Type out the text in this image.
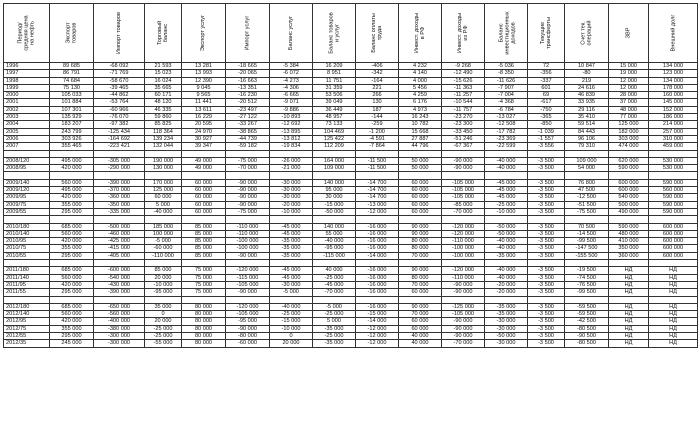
Период/ средняя цена на нефть	Экспорт товаров	Импорт товаров	Торговый баланс	Экспорт услуг	Импорт услуг	Баланс услуг	Баланс товаров и услуг	Баланс оплаты труда	Инвест. доходы в РФ	Инвест. доходы из РФ	Баланс инвестиционных доходов	Текущие трансферты	Счет тек. операций	ЗВР	Внешний долг

1996	89 685	-68 092	21 593	13 281	-18 665	-5 384	16 209	-406	4 232	-9 268	-5 036	72	10 847	15 000	134 000
1997	86 791	-71 769	15 023	13 993	-20 065	-6 072	8 951	-342	4 140	-12 490	-8 350	-356	-80	19 000	123 000
1998	74 684	-58 670	16 024	12 390	-16 663	-4 273	11 751	-164	4 000	-15 626	-11 626	-337	219	12 000	134 000
1999	75 130	-39 465	35 665	9 045	-13 351	-4 306	31 359	221	5 456	-11 363	-7 907	601	24 616	12 000	178 000
2000	105 033	-44 862	60 171	9 565	-16 230	-6 665	53 506	266	4 259	-11 257	-7 004	69	46 839	28 000	160 000
2001	101 884	-53 764	48 120	11 441	-20 512	-9 071	39 049	130	6 176	-10 544	-4 368	-617	33 935	37 000	145 000
2002	107 301	-60 966	46 335	13 611	-23 497	-9 886	36 449	187	4 973	-11 757	-6 784	-750	29 116	48 000	152 000
2003	135 929	-76 070	59 860	16 229	-27 122	-10 893	48 957	-144	16 243	-23 270	-13 027	-365	35 410	77 000	186 000
2004	183 207	-97 382	85 825	20 595	-33 267	-12 692	73 133	-259	10 782	-23 300	-12 508	-850	59 514	125 000	214 000
2005	243 799	-125 434	118 364	24 970	-38 865	-13 895	104 469	-1 200	15 668	-33 450	-17 782	-1 039	84 443	182 000	257 000
2006	303 926	-164 692	139 234	30 927	-44 739	-13 812	125 422	-4 591	27 887	-51 246	-23 369	-1 557	96 106	303 000	310 000
2007	355 465	-223 421	132 044	39 347	-59 182	-19 834	112 209	-7 864	44 796	-67 367	-22 599	-3 556	79 310	474 000	459 000

2008/120	495 000	-305 000	190 000	49 000	-75 000	-26 000	164 000	-11 500	50 000	-90 000	-40 000	-3 500	109 000	620 000	530 000
2008/95	420 000	-290 000	130 000	49 000	-70 000	-21 000	109 000	-11 500	50 000	-90 000	-40 000	-3 500	54 000	590 000	530 000

2009/140	560 000	-390 000	170 000	60 000	-90 000	-30 000	140 000	-14 700	60 000	-105 000	-45 000	-3 500	76 800	600 000	590 000
2009/120	495 000	-370 000	125 000	60 000	-90 000	-30 000	95 000	-14 700	60 000	-105 000	-45 000	-3 500	47 500	600 000	560 000
2009/95	420 000	-360 000	60 000	60 000	-90 000	-30 000	30 000	-14 700	60 000	-105 000	-45 000	-3 500	-12 500	540 000	590 000
2009/75	355 000	-350 000	5 000	60 000	-90 000	-20 000	-15 000	-13 000	60 000	-85 000	-25 000	-3 500	-51 500	500 000	590 000
2009/55	295 000	-335 000	-40 000	60 000	-75 000	-10 000	-50 000	-12 000	60 000	-70 000	-10 000	-3 500	-75 500	490 000	590 000

2010/180	685 000	-500 000	185 000	85 000	-110 000	-45 000	140 000	-16 000	90 000	-120 000	-50 000	-3 500	70 500	590 000	600 000
2010/140	560 000	-460 000	100 000	85 000	-110 000	-45 000	55 000	-16 000	90 000	-120 000	-50 000	-3 500	-14 500	480 000	600 000
2010/95	420 000	-425 000	-5 000	85 000	-100 000	-35 000	-40 000	-16 000	80 000	-110 000	-40 000	-3 500	-99 500	410 000	600 000
2010/75	355 000	-415 000	-60 000	85 000	-100 000	-35 000	-95 000	-16 000	80 000	-100 000	-40 000	-3 500	-147 500	350 000	600 000
2010/55	295 000	-405 000	-110 000	85 000	-90 000	-35 000	-115 000	-14 000	70 000	-100 000	-35 000	-3 500	-155 500	360 000	600 000

2011/180	685 000	-600 000	85 000	75 000	-120 000	-45 000	40 000	-16 000	90 000	-120 000	-40 000	-3 500	-19 500	НД	НД
2011/140	560 000	-540 000	20 000	75 000	-115 000	-45 000	-25 000	-16 000	80 000	-110 000	-40 000	-3 500	-74 500	НД	НД
2011/95	420 000	-430 000	-10 000	75 000	-105 000	-30 000	-45 000	-16 000	70 000	-90 000	-20 000	-3 500	-76 500	НД	НД
2011/55	295 000	-390 000	-95 000	75 000	-90 000	-5 000	-70 000	-16 000	60 000	-90 000	-20 000	-3 500	-99 500	НД	НД

2012/180	685 000	-650 000	35 000	80 000	-120 000	-40 000	-5 000	-16 000	90 000	-125 000	-35 000	-3 500	-59 500	НД	НД
2012/140	560 000	-560 000	0	80 000	-105 000	-25 000	-25 000	-15 000	70 000	-105 000	-35 000	-3 500	-59 500	НД	НД
2012/95	420 000	-400 000	20 000	80 000	-95 000	-15 000	5 000	-14 000	60 000	-90 000	-30 000	-3 500	-42 500	НД	НД
2012/75	355 000	-380 000	-25 000	80 000	-90 000	-10 000	-35 000	-12 000	60 000	-90 000	-30 000	-3 500	-80 500	НД	НД
2012/55	295 000	-300 000	-25 000	80 000	-80 000	0	-25 000	-12 000	40 000	-90 000	-50 000	-3 500	-90 500	НД	НД
2012/35	245 000	-300 000	-55 000	80 000	-60 000	20 000	-35 000	-12 000	40 000	-70 000	-30 000	-3 500	-80 500	НД	НД
